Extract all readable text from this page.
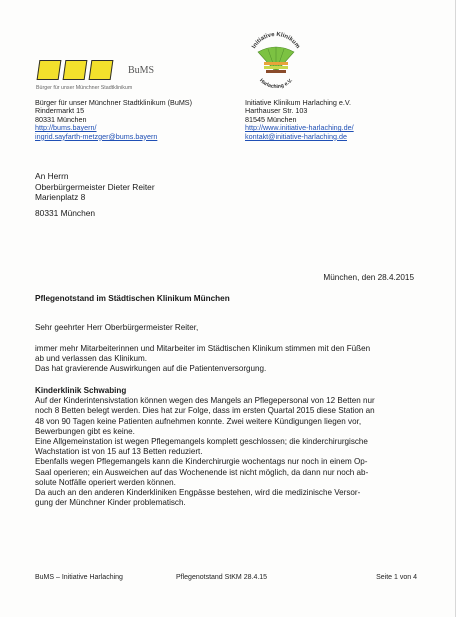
BuMS
Bürger für unser Münchner Stadtklinikum
Initiative Klinikum
Harlaching e.V.
Bürger für unser Münchner Stadtklinikum (BuMS)
Rindermarkt 15
80331 München
http://bums.bayern/
ingrid.sayfarth-metzger@bums.bayern
Initiative Klinikum Harlaching e.V.
Harthauser Str. 103
81545 München
http://www.initiative-harlaching.de/
kontakt@initiative-harlaching.de
An Herrn
Oberbürgermeister Dieter Reiter
Marienplatz 8
80331 München
München, den 28.4.2015
Pflegenotstand im Städtischen Klinikum München
Sehr geehrter Herr Oberbürgermeister Reiter,
immer mehr Mitarbeiterinnen und Mitarbeiter im Städtischen Klinikum stimmen mit den Füßen
ab und verlassen das Klinikum.
Das hat gravierende Auswirkungen auf die Patientenversorgung.
Kinderklinik Schwabing
Auf der Kinderintensivstation können wegen des Mangels an Pflegepersonal von 12 Betten nur
noch 8 Betten belegt werden. Dies hat zur Folge, dass im ersten Quartal 2015 diese Station an
48 von 90 Tagen keine Patienten aufnehmen konnte. Zwei weitere Kündigungen liegen vor,
Bewerbungen gibt es keine.
Eine Allgemeinstation ist wegen Pflegemangels komplett geschlossen; die kinderchirurgische
Wachstation ist von 15 auf 13 Betten reduziert.
Ebenfalls wegen Pflegemangels kann die Kinderchirurgie wochentags nur noch in einem Op-
Saal operieren; ein Ausweichen auf das Wochenende ist nicht möglich, da dann nur noch ab-
solute Notfälle operiert werden können.
Da auch an den anderen Kinderkliniken Engpässe bestehen, wird die medizinische Versor-
gung der Münchner Kinder problematisch.
BuMS – Initiative Harlaching	Pflegenotstand StKM 28.4.15	Seite 1 von 4
